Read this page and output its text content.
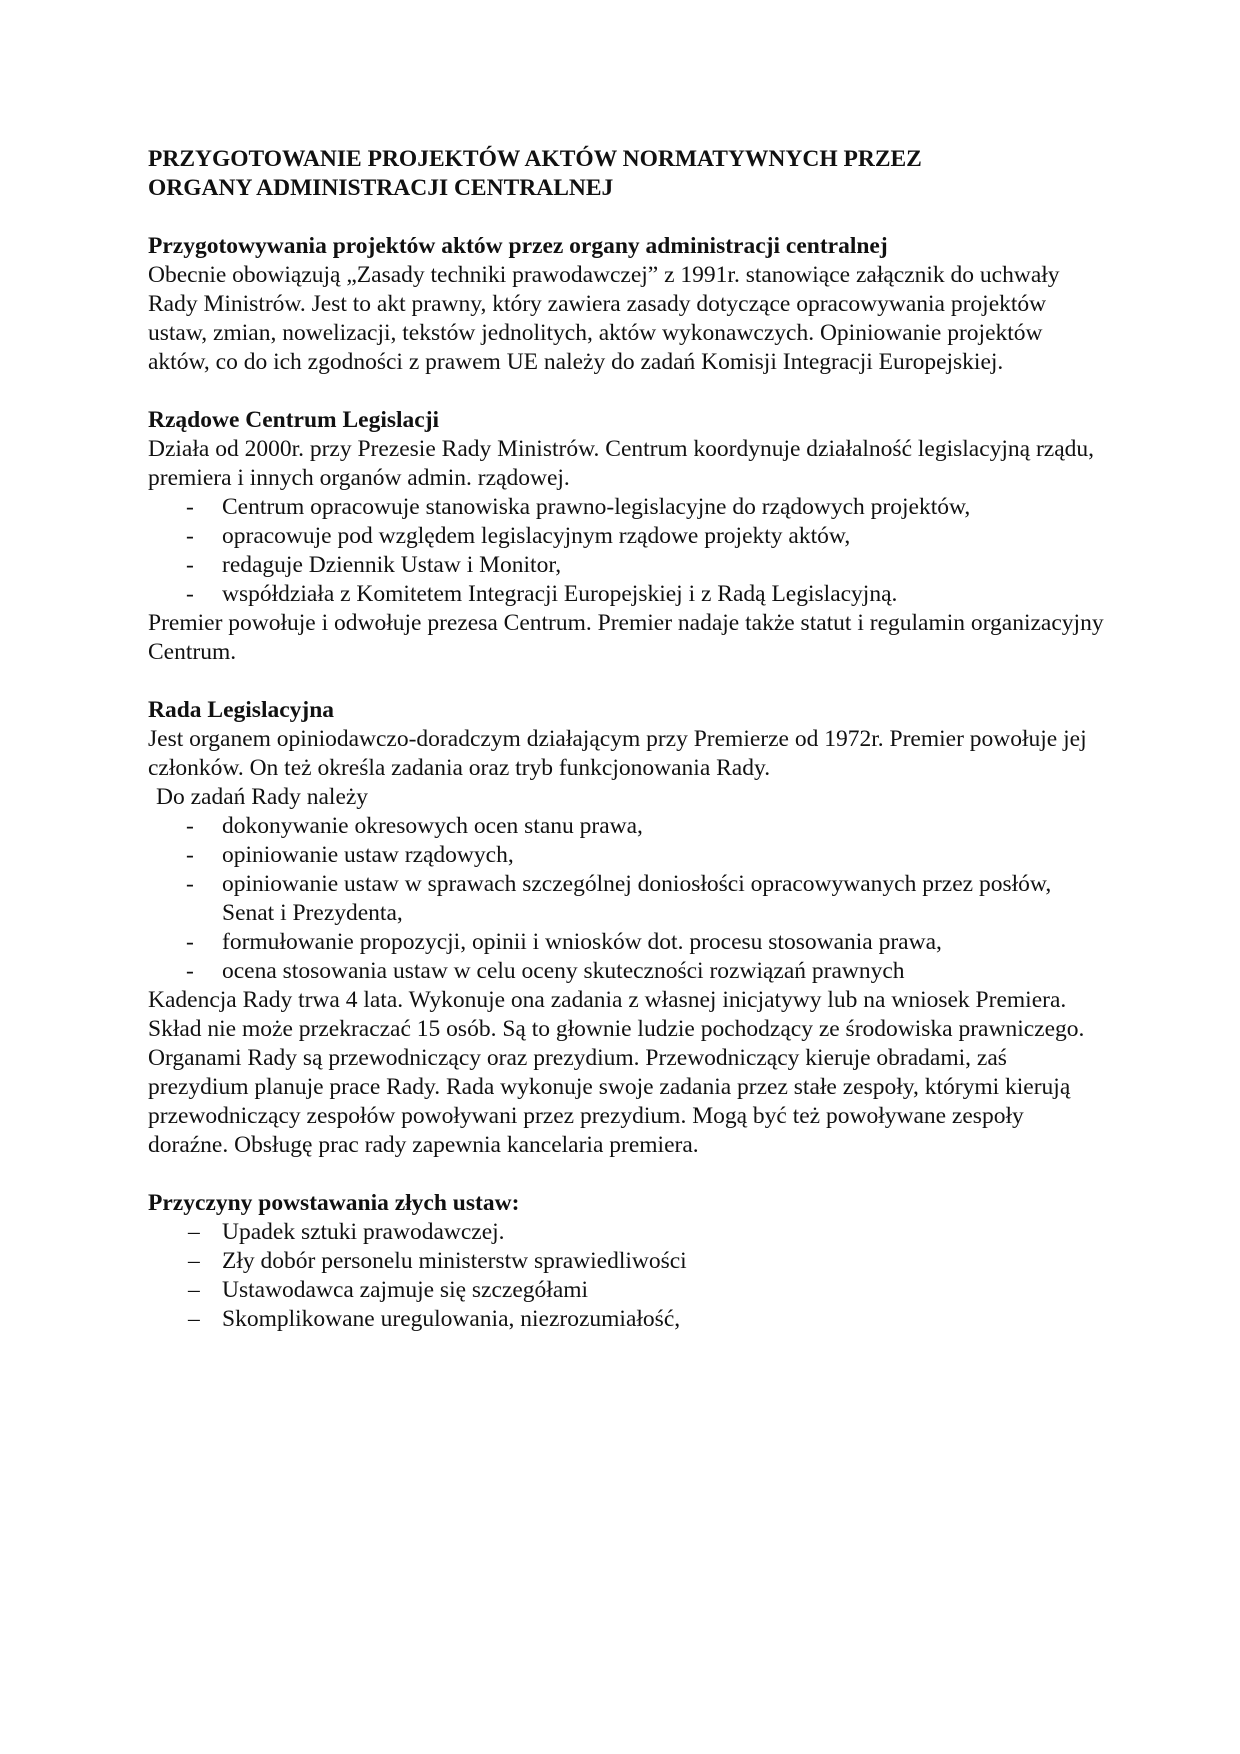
PRZYGOTOWANIE PROJEKTÓW AKTÓW NORMATYWNYCH PRZEZ
ORGANY ADMINISTRACJI CENTRALNEJ
Przygotowywania projektów aktów przez organy administracji centralnej

Obecnie obowiązują „Zasady techniki prawodawczej” z 1991r. stanowiące załącznik do uchwały Rady Ministrów. Jest to akt prawny, który zawiera zasady dotyczące opracowywania projektów ustaw, zmian, nowelizacji, tekstów jednolitych, aktów wykonawczych. Opiniowanie projektów aktów, co do ich zgodności z prawem UE należy do zadań Komisji Integracji Europejskiej.

Rządowe Centrum Legislacji

Działa od 2000r. przy Prezesie Rady Ministrów. Centrum koordynuje działalność legislacyjną rządu, premiera i innych organów admin. rządowej.

- Centrum opracowuje stanowiska prawno-legislacyjne do rządowych projektów,
- opracowuje pod względem legislacyjnym rządowe projekty aktów,
- redaguje Dziennik Ustaw i Monitor,
- współdziała z Komitetem Integracji Europejskiej i z Radą Legislacyjną.

Premier powołuje i odwołuje prezesa Centrum. Premier nadaje także statut i regulamin organizacyjny Centrum.

Rada Legislacyjna

Jest organem opiniodawczo-doradczym działającym przy Premierze od 1972r. Premier powołuje jej członków. On też określa zadania oraz tryb funkcjonowania Rady.

Do zadań Rady należy

- dokonywanie okresowych ocen stanu prawa,
- opiniowanie ustaw rządowych,
- opiniowanie ustaw w sprawach szczególnej doniosłości opracowywanych przez posłów, Senat i Prezydenta,
- formułowanie propozycji, opinii i wniosków dot. procesu stosowania prawa,
- ocena stosowania ustaw w celu oceny skuteczności rozwiązań prawnych

Kadencja Rady trwa 4 lata. Wykonuje ona zadania z własnej inicjatywy lub na wniosek Premiera. Skład nie może przekraczać 15 osób. Są to głownie ludzie pochodzący ze środowiska prawniczego. Organami Rady są przewodniczący oraz prezydium. Przewodniczący kieruje obradami, zaś prezydium planuje prace Rady. Rada wykonuje swoje zadania przez stałe zespoły, którymi kierują przewodniczący zespołów powoływani przez prezydium. Mogą być też powoływane zespoły doraźne. Obsługę prac rady zapewnia kancelaria premiera.

Przyczyny powstawania złych ustaw:
– Upadek sztuki prawodawczej.
– Zły dobór personelu ministerstw sprawiedliwości
– Ustawodawca zajmuje się szczegółami
– Skomplikowane uregulowania, niezrozumiałość,
